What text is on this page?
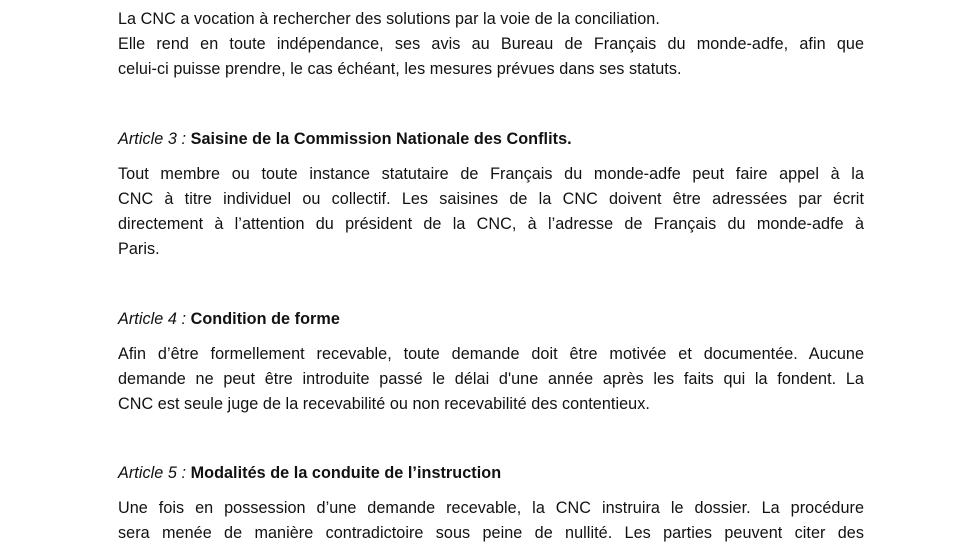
La CNC a vocation à rechercher des solutions par la voie de la conciliation.
Elle rend en toute indépendance, ses avis au Bureau de Français du monde-adfe, afin que
celui-ci puisse prendre, le cas échéant, les mesures prévues dans ses statuts.
Article 3 : Saisine de la Commission Nationale des Conflits.
Tout membre ou toute instance statutaire de Français du monde-adfe peut faire appel à la
CNC à titre individuel ou collectif. Les saisines de la CNC doivent être adressées par écrit
directement à l’attention du président de la CNC, à l’adresse de Français du monde-adfe à
Paris.
Article 4 : Condition de forme
Afin d’être formellement recevable, toute demande doit être motivée et documentée. Aucune
demande ne peut être introduite passé le délai d'une année après les faits qui la fondent. La
CNC est seule juge de la recevabilité ou non recevabilité des contentieux.
Article 5 : Modalités de la conduite de l’instruction
Une fois en possession d’une demande recevable, la CNC instruira le dossier. La procédure
sera menée de manière contradictoire sous peine de nullité. Les parties peuvent citer des
